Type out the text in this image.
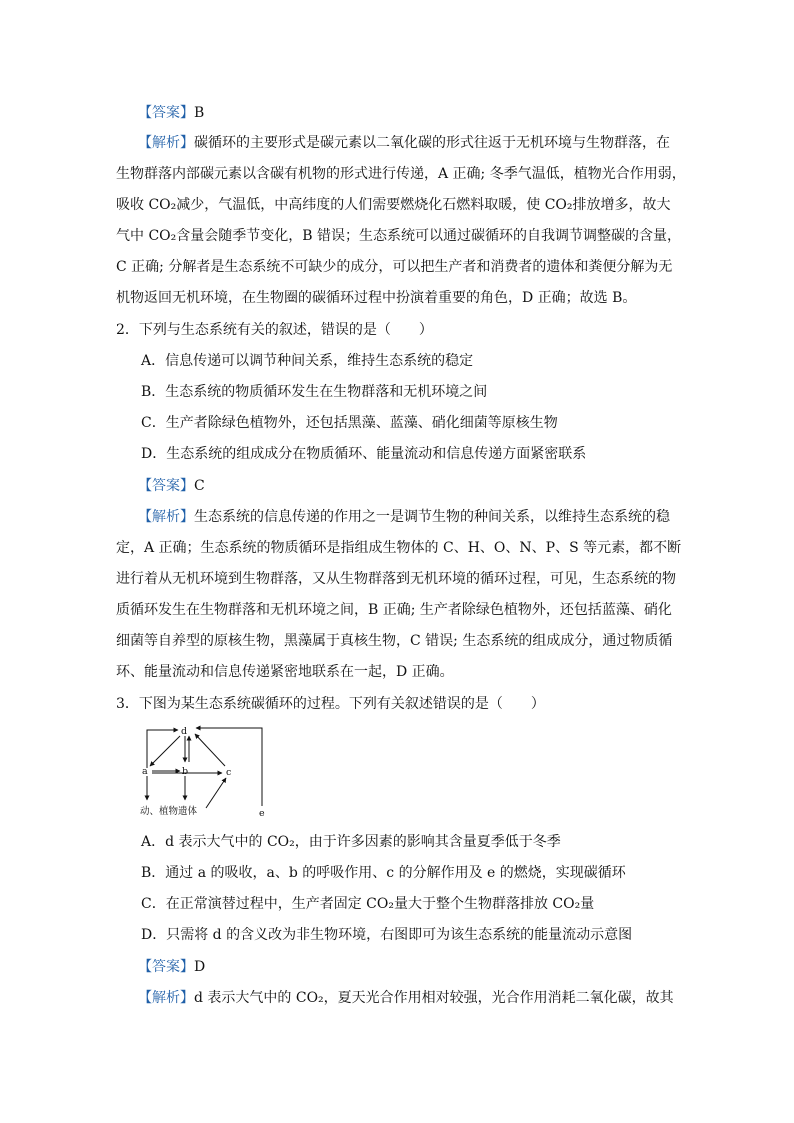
【答案】B
【解析】碳循环的主要形式是碳元素以二氧化碳的形式往返于无机环境与生物群落，在
生物群落内部碳元素以含碳有机物的形式进行传递，A 正确; 冬季气温低，植物光合作用弱，
吸收 CO₂减少，气温低，中高纬度的人们需要燃烧化石燃料取暖，使 CO₂排放增多，故大
气中 CO₂含量会随季节变化，B 错误；生态系统可以通过碳循环的自我调节调整碳的含量，
C 正确; 分解者是生态系统不可缺少的成分，可以把生产者和消费者的遗体和粪便分解为无
机物返回无机环境，在生物圈的碳循环过程中扮演着重要的角色，D 正确；故选 B。
2．下列与生态系统有关的叙述，错误的是（　　）
A．信息传递可以调节种间关系，维持生态系统的稳定
B．生态系统的物质循环发生在生物群落和无机环境之间
C．生产者除绿色植物外，还包括黑藻、蓝藻、硝化细菌等原核生物
D．生态系统的组成成分在物质循环、能量流动和信息传递方面紧密联系
【答案】C
【解析】生态系统的信息传递的作用之一是调节生物的种间关系，以维持生态系统的稳
定，A 正确；生态系统的物质循环是指组成生物体的 C、H、O、N、P、S 等元素，都不断
进行着从无机环境到生物群落，又从生物群落到无机环境的循环过程，可见，生态系统的物
质循环发生在生物群落和无机环境之间，B 正确; 生产者除绿色植物外，还包括蓝藻、硝化
细菌等自养型的原核生物，黑藻属于真核生物，C 错误; 生态系统的组成成分，通过物质循
环、能量流动和信息传递紧密地联系在一起，D 正确。
3．下图为某生态系统碳循环的过程。下列有关叙述错误的是（　　）
d
a	b	c
动、植物遗体	e
A．d 表示大气中的 CO₂，由于许多因素的影响其含量夏季低于冬季
B．通过 a 的吸收，a、b 的呼吸作用、c 的分解作用及 e 的燃烧，实现碳循环
C．在正常演替过程中，生产者固定 CO₂量大于整个生物群落排放 CO₂量
D．只需将 d 的含义改为非生物环境，右图即可为该生态系统的能量流动示意图
【答案】D
【解析】d 表示大气中的 CO₂，夏天光合作用相对较强，光合作用消耗二氧化碳，故其
